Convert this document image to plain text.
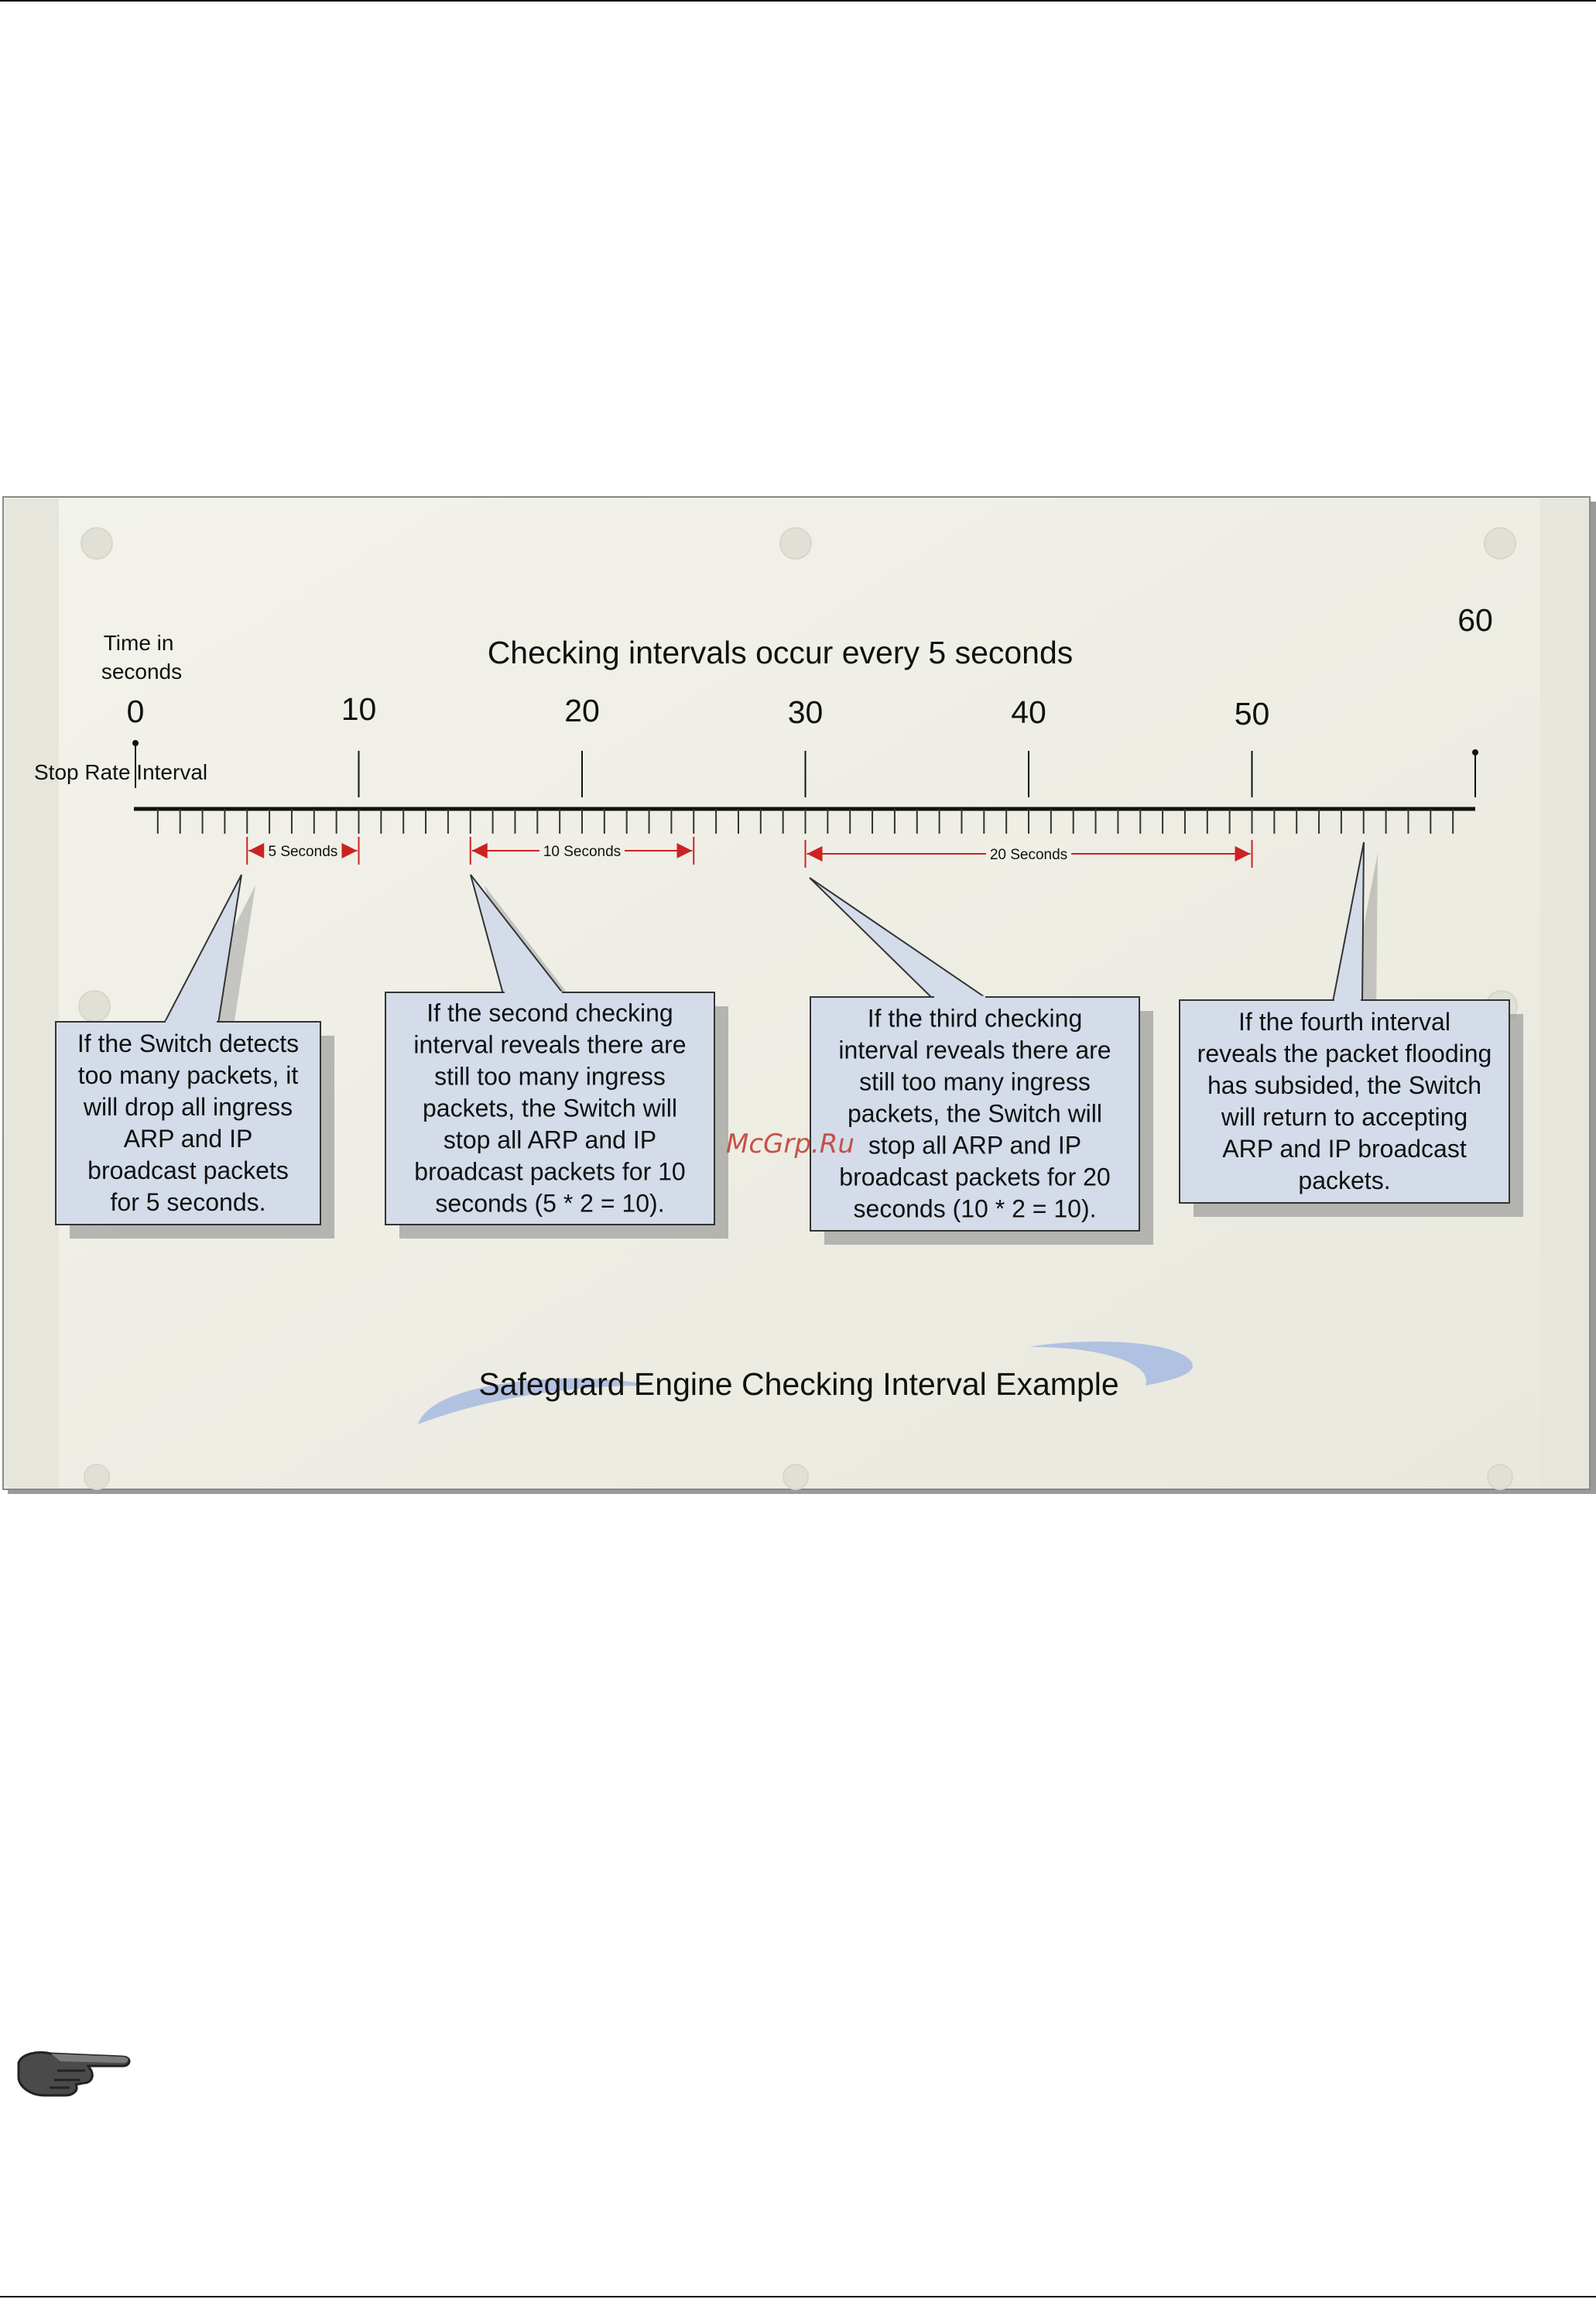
Checking intervals occur every 5 seconds
Time in seconds
Stop Rate Interval
0	10	20	30	40	50
60
5 Seconds	10 Seconds	20 Seconds
If the Switch detects too many packets, it will drop all ingress ARP and IP broadcast packets for 5 seconds.
If the second checking interval reveals there are still too many ingress packets, the Switch will stop all ARP and IP broadcast packets for 10 seconds (5 * 2 = 10).
If the third checking interval reveals there are still too many ingress packets, the Switch will stop all ARP and IP broadcast packets for 20 seconds (10 * 2 = 10).
If the fourth interval reveals the packet flooding has subsided, the Switch will return to accepting ARP and IP broadcast packets.
Safeguard Engine Checking Interval Example
McGrp.Ru
